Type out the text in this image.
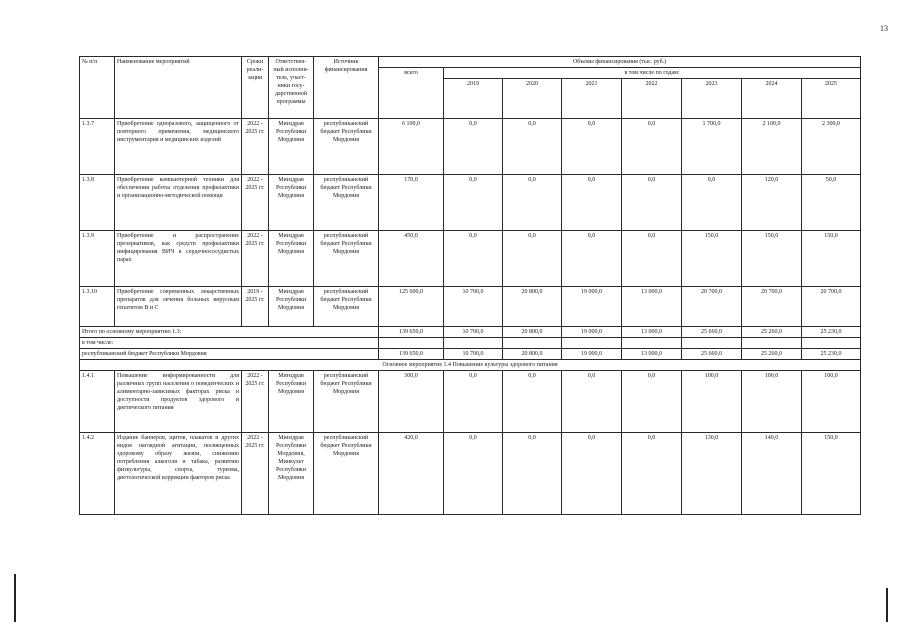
13
№ п/п	Наименование мероприятий	Сроки реали-зации	Ответствен-ный исполни-тель, участ-ники госу-дарственной программы	Источник финансирования	Объемы финансирования (тыс. руб.)							
					всего	в том числе по годам:						
						2019	2020	2021	2022	2023	2024	2025
1.3.7	Приобретение одноразового, защищенного от повторного применения, медицинского инструментария и медицинских изделий	2022 - 2025 гг.	Минздрав Республики Мордовия	республиканский бюджет Республики Мордовия	6 100,0	0,0	0,0	0,0	0,0	1 700,0	2 100,0	2 300,0
1.3.8	Приобретение компьютерной техники для обеспечения работы отделения профилактики и организационно-методической помощи	2022 - 2025 гг.	Минздрав Республики Мордовия	республиканский бюджет Республики Мордовия	170,0	0,0	0,0	0,0	0,0	0,0	120,0	50,0
1.3.9	Приобретение и распространение презервативов, как средств профилактики инфицирования ВИЧ в сердечнососудистых парах	2022 - 2025 гг.	Минздрав Республики Мордовия	республиканский бюджет Республики Мордовия	450,0	0,0	0,0	0,0	0,0	150,0	150,0	150,0
1.3.10	Приобретение современных лекарственных препаратов для лечения больных вирусным гепатитом В и С	2019 - 2025 гг.	Минздрав Республики Мордовия	республиканский бюджет Республики Мордовия	125 600,0	10 700,0	20 800,0	19 000,0	13 000,0	20 700,0	20 700,0	20 700,0
Итого по основному мероприятию 1.3:					139 650,0	10 700,0	20 800,0	19 000,0	13 000,0	25 660,0	25 260,0	25 230,0
в том числе:												
республиканский бюджет Республики Мордовия					139 650,0	10 700,0	20 800,0	19 000,0	13 000,0	25 660,0	25 260,0	25 230,0
Основное мероприятие 1.4 Повышение культуры здорового питания												
1.4.1	Повышение информированности для различных групп населения о поведенческих и алиментарно-зависимых факторах риска и доступности продуктов здорового и диетического питания	2022 - 2025 гг.	Минздрав Республики Мордовия	республиканский бюджет Республики Мордовия	300,0	0,0	0,0	0,0	0,0	100,0	100,0	100,0
1.4.2	Издание баннеров, щитов, плакатов и других видов наглядной агитации, посвященных здоровому образу жизни, снижению потребления алкоголя и табака, развитию физкультуры, спорта, туризма, диетологической коррекции факторов риска	2022 - 2025 гг.	Минздрав Республики Мордовия, Минкульт Республики Мордовия	республиканский бюджет Республики Мордовия	420,0	0,0	0,0	0,0	0,0	130,0	140,0	150,0
